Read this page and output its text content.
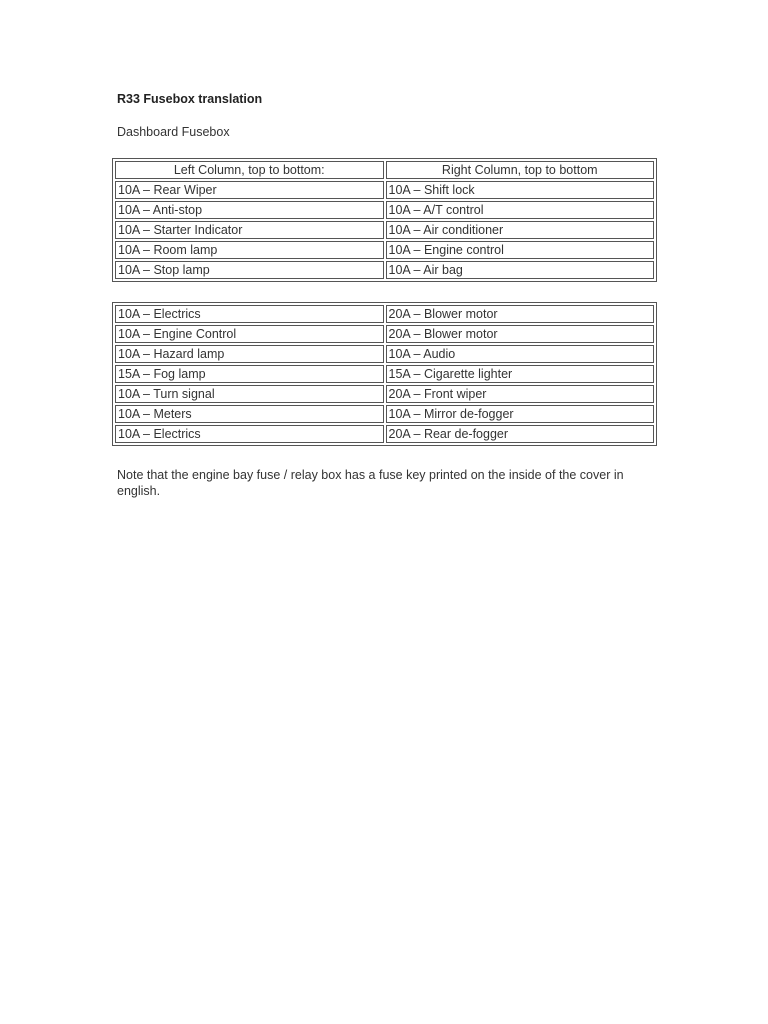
R33 Fusebox translation
Dashboard Fusebox
Left Column, top to bottom:	Right Column, top to bottom
10A – Rear Wiper	10A – Shift lock
10A – Anti-stop	10A – A/T control
10A – Starter Indicator	10A – Air conditioner
10A – Room lamp	10A – Engine control
10A – Stop lamp	10A – Air bag
10A – Electrics	20A – Blower motor
10A – Engine Control	20A – Blower motor
10A – Hazard lamp	10A – Audio
15A – Fog lamp	15A – Cigarette lighter
10A – Turn signal	20A – Front wiper
10A – Meters	10A – Mirror de-fogger
10A – Electrics	20A – Rear de-fogger
Note that the engine bay fuse / relay box has a fuse key printed on the inside of the cover in english.
